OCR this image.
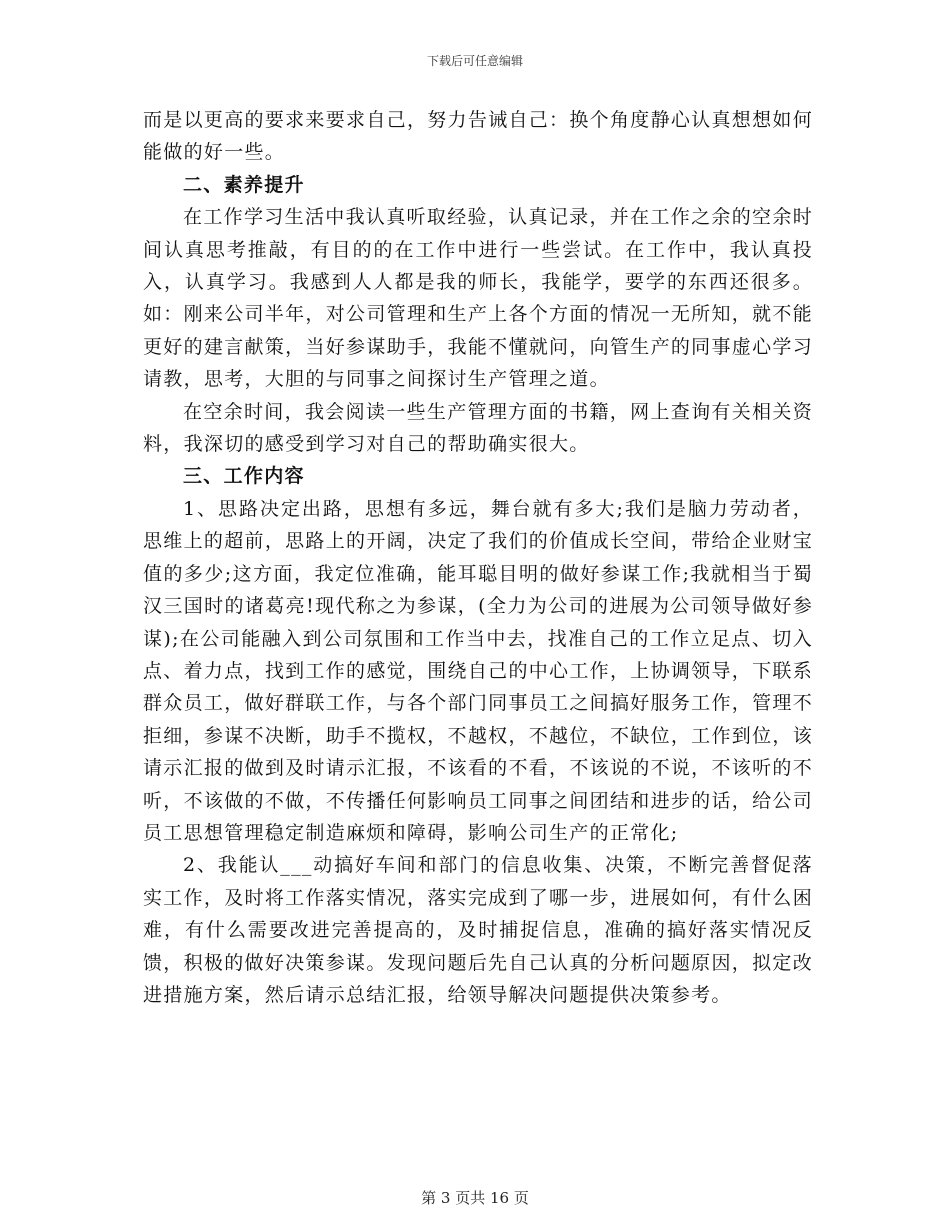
下载后可任意编辑

而是以更高的要求来要求自己，努力告诫自己：换个角度静心认真想想如何能做的好一些。

二、素养提升

在工作学习生活中我认真听取经验，认真记录，并在工作之余的空余时间认真思考推敲，有目的的在工作中进行一些尝试。在工作中，我认真投入，认真学习。我感到人人都是我的师长，我能学，要学的东西还很多。如：刚来公司半年，对公司管理和生产上各个方面的情况一无所知，就不能更好的建言献策，当好参谋助手，我能不懂就问，向管生产的同事虚心学习请教，思考，大胆的与同事之间探讨生产管理之道。

在空余时间，我会阅读一些生产管理方面的书籍，网上查询有关相关资料，我深切的感受到学习对自己的帮助确实很大。

三、工作内容

1、思路决定出路，思想有多远，舞台就有多大;我们是脑力劳动者，思维上的超前，思路上的开阔，决定了我们的价值成长空间，带给企业财宝值的多少;这方面，我定位准确，能耳聪目明的做好参谋工作;我就相当于蜀汉三国时的诸葛亮!现代称之为参谋，(全力为公司的进展为公司领导做好参谋);在公司能融入到公司氛围和工作当中去，找准自己的工作立足点、切入点、着力点，找到工作的感觉，围绕自己的中心工作，上协调领导，下联系群众员工，做好群联工作，与各个部门同事员工之间搞好服务工作，管理不拒细，参谋不决断，助手不揽权，不越权，不越位，不缺位，工作到位，该请示汇报的做到及时请示汇报，不该看的不看，不该说的不说，不该听的不听，不该做的不做，不传播任何影响员工同事之间团结和进步的话，给公司员工思想管理稳定制造麻烦和障碍，影响公司生产的正常化;

2、我能认___动搞好车间和部门的信息收集、决策，不断完善督促落实工作，及时将工作落实情况，落实完成到了哪一步，进展如何，有什么困难，有什么需要改进完善提高的，及时捕捉信息，准确的搞好落实情况反馈，积极的做好决策参谋。发现问题后先自己认真的分析问题原因，拟定改进措施方案，然后请示总结汇报，给领导解决问题提供决策参考。

第 3 页共 16 页
